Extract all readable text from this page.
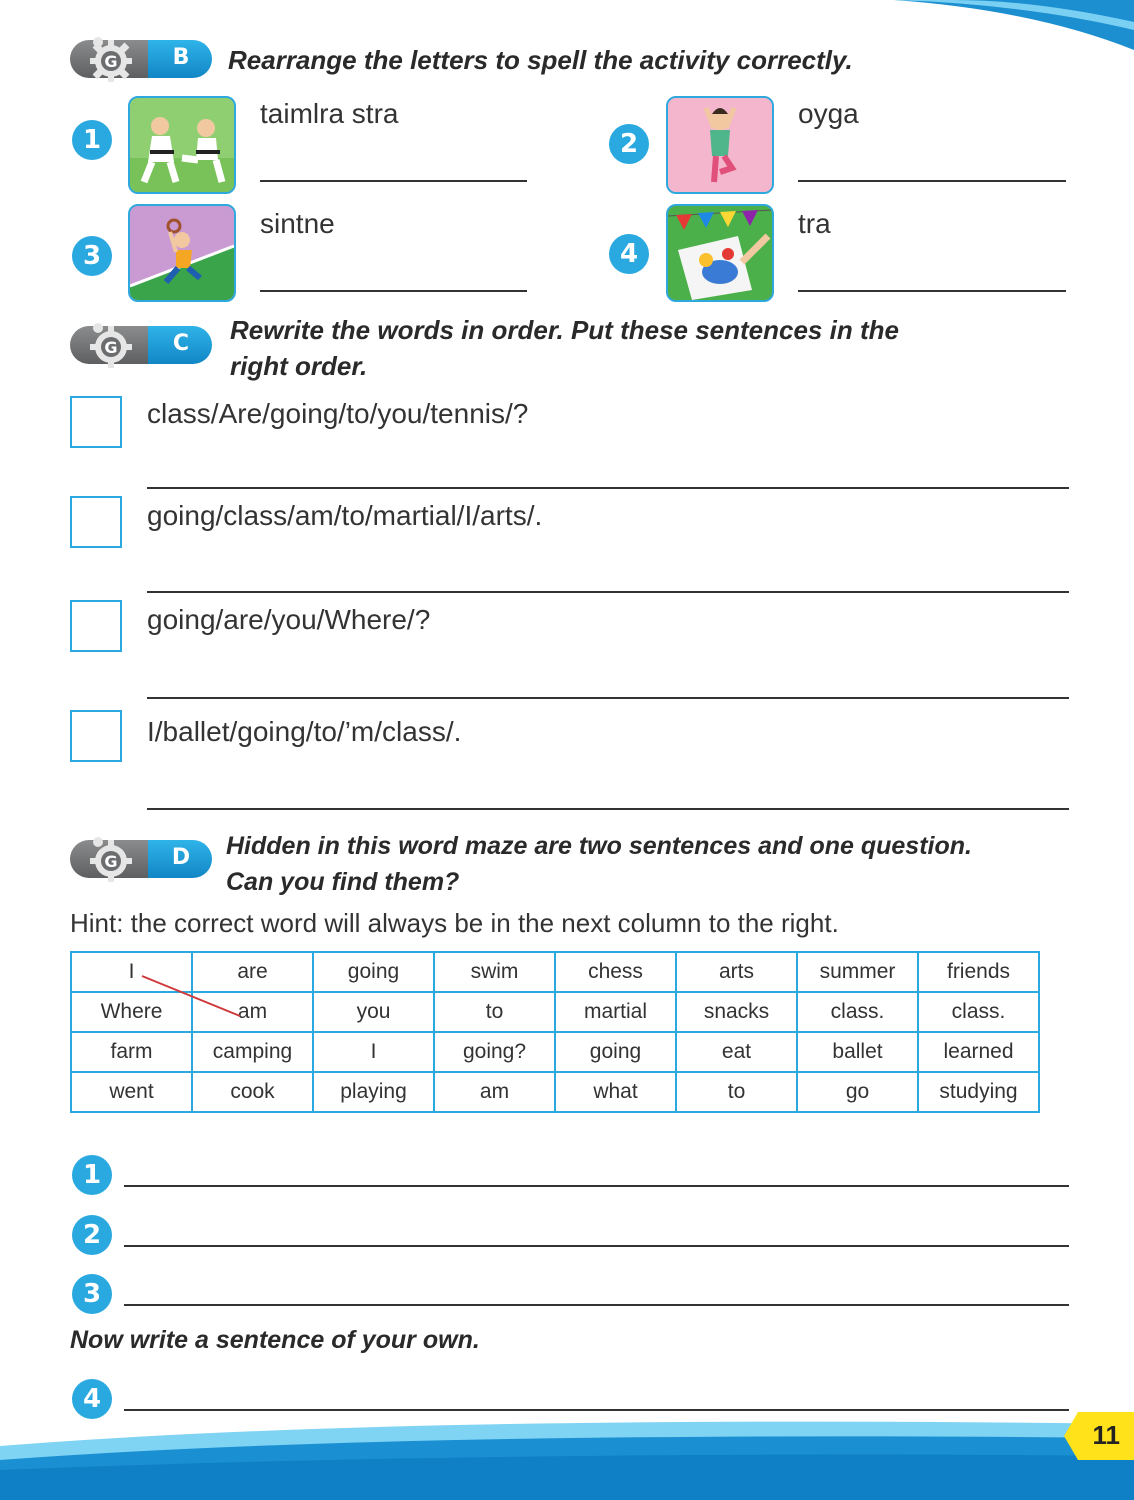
G	B Rearrange the letters to spell the activity correctly.
1
taimlra stra
2
oyga
3
sintne
4
tra
G	C Rewrite the words in order. Put these sentences in the
right order.
class/Are/going/to/you/tennis/?
going/class/am/to/martial/I/arts/.
going/are/you/Where/?
I/ballet/going/to/’m/class/.
G D Hidden in this word maze are two sentences and one question.
Can you find them?
Hint: the correct word will always be in the next column to the right.
I	are	going	swim	chess	arts	summer	friends
Where	am	you	to	martial	snacks	class.	class.
farm	camping	I	going?	going	eat	ballet	learned
went	cook	playing	am	what	to	go	studying
1
2
3
Now write a sentence of your own.
4
11
